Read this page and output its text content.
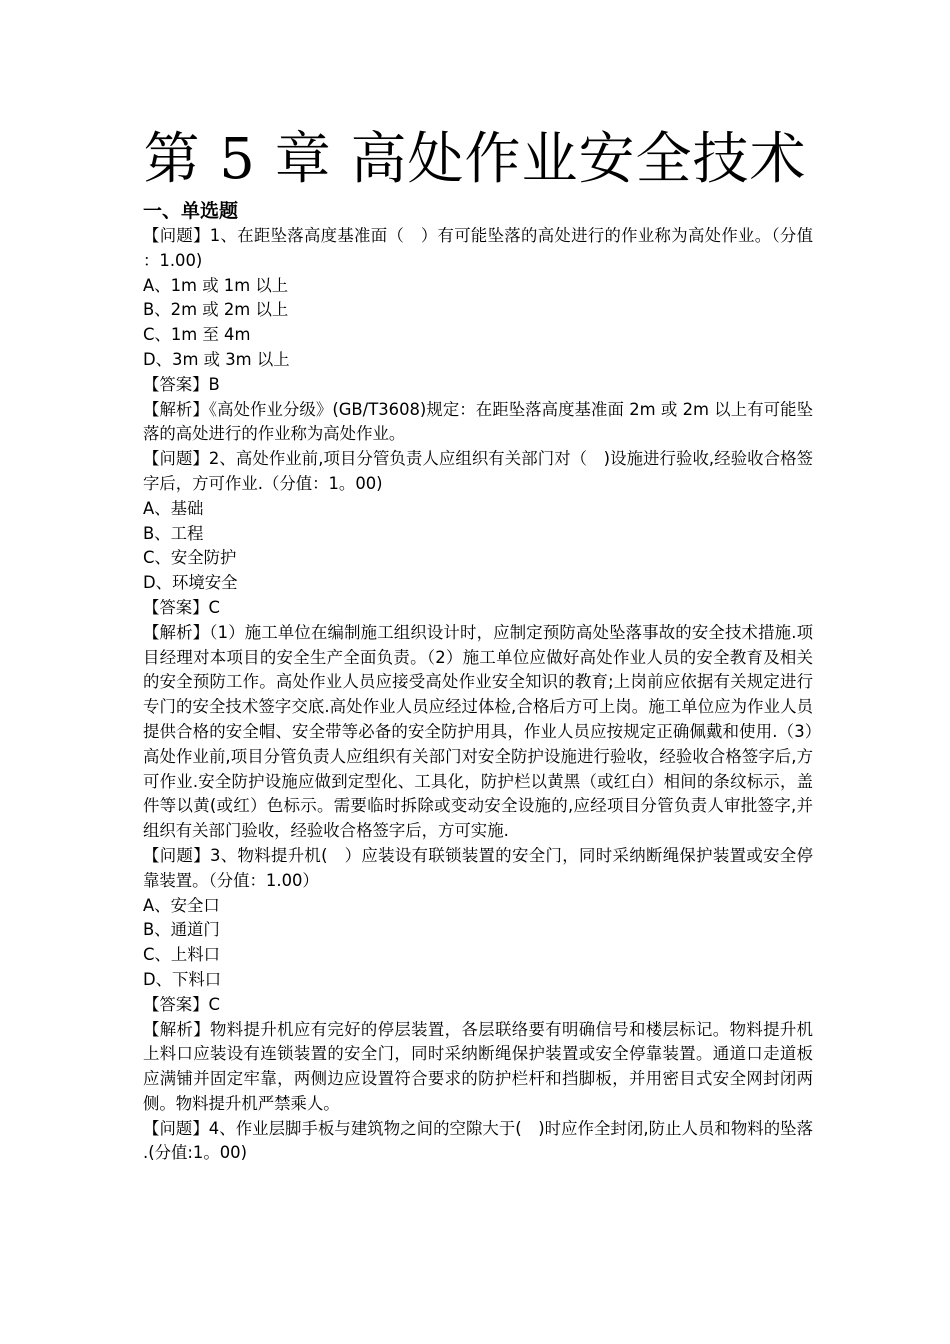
第 5 章 高处作业安全技术
一、单选题

【问题】1、在距坠落高度基准面（　）有可能坠落的高处进行的作业称为高处作业。（分值：1.00)

A、1m 或 1m 以上

B、2m 或 2m 以上

C、1m 至 4m

D、3m 或 3m 以上

【答案】B

【解析】《高处作业分级》(GB/T3608)规定：在距坠落高度基准面 2m 或 2m 以上有可能坠落的高处进行的作业称为高处作业。

【问题】2、高处作业前,项目分管负责人应组织有关部门对（　)设施进行验收,经验收合格签字后，方可作业.（分值：1。00)

A、基础

B、工程

C、安全防护

D、环境安全

【答案】C

【解析】（1）施工单位在编制施工组织设计时，应制定预防高处坠落事故的安全技术措施.项目经理对本项目的安全生产全面负责。（2）施工单位应做好高处作业人员的安全教育及相关的安全预防工作。高处作业人员应接受高处作业安全知识的教育;上岗前应依据有关规定进行专门的安全技术签字交底.高处作业人员应经过体检,合格后方可上岗。施工单位应为作业人员提供合格的安全帽、安全带等必备的安全防护用具，作业人员应按规定正确佩戴和使用.（3）高处作业前,项目分管负责人应组织有关部门对安全防护设施进行验收，经验收合格签字后,方可作业.安全防护设施应做到定型化、工具化，防护栏以黄黑（或红白）相间的条纹标示，盖件等以黄(或红）色标示。需要临时拆除或变动安全设施的,应经项目分管负责人审批签字,并组织有关部门验收，经验收合格签字后，方可实施.

【问题】3、物料提升机(　）应装设有联锁装置的安全门，同时采纳断绳保护装置或安全停靠装置。（分值：1.00）

A、安全口

B、通道门

C、上料口

D、下料口

【答案】C

【解析】物料提升机应有完好的停层装置，各层联络要有明确信号和楼层标记。物料提升机上料口应装设有连锁装置的安全门，同时采纳断绳保护装置或安全停靠装置。通道口走道板应满铺并固定牢靠，两侧边应设置符合要求的防护栏杆和挡脚板，并用密目式安全网封闭两侧。物料提升机严禁乘人。

【问题】4、作业层脚手板与建筑物之间的空隙大于(　)时应作全封闭,防止人员和物料的坠落.(分值:1。00)
